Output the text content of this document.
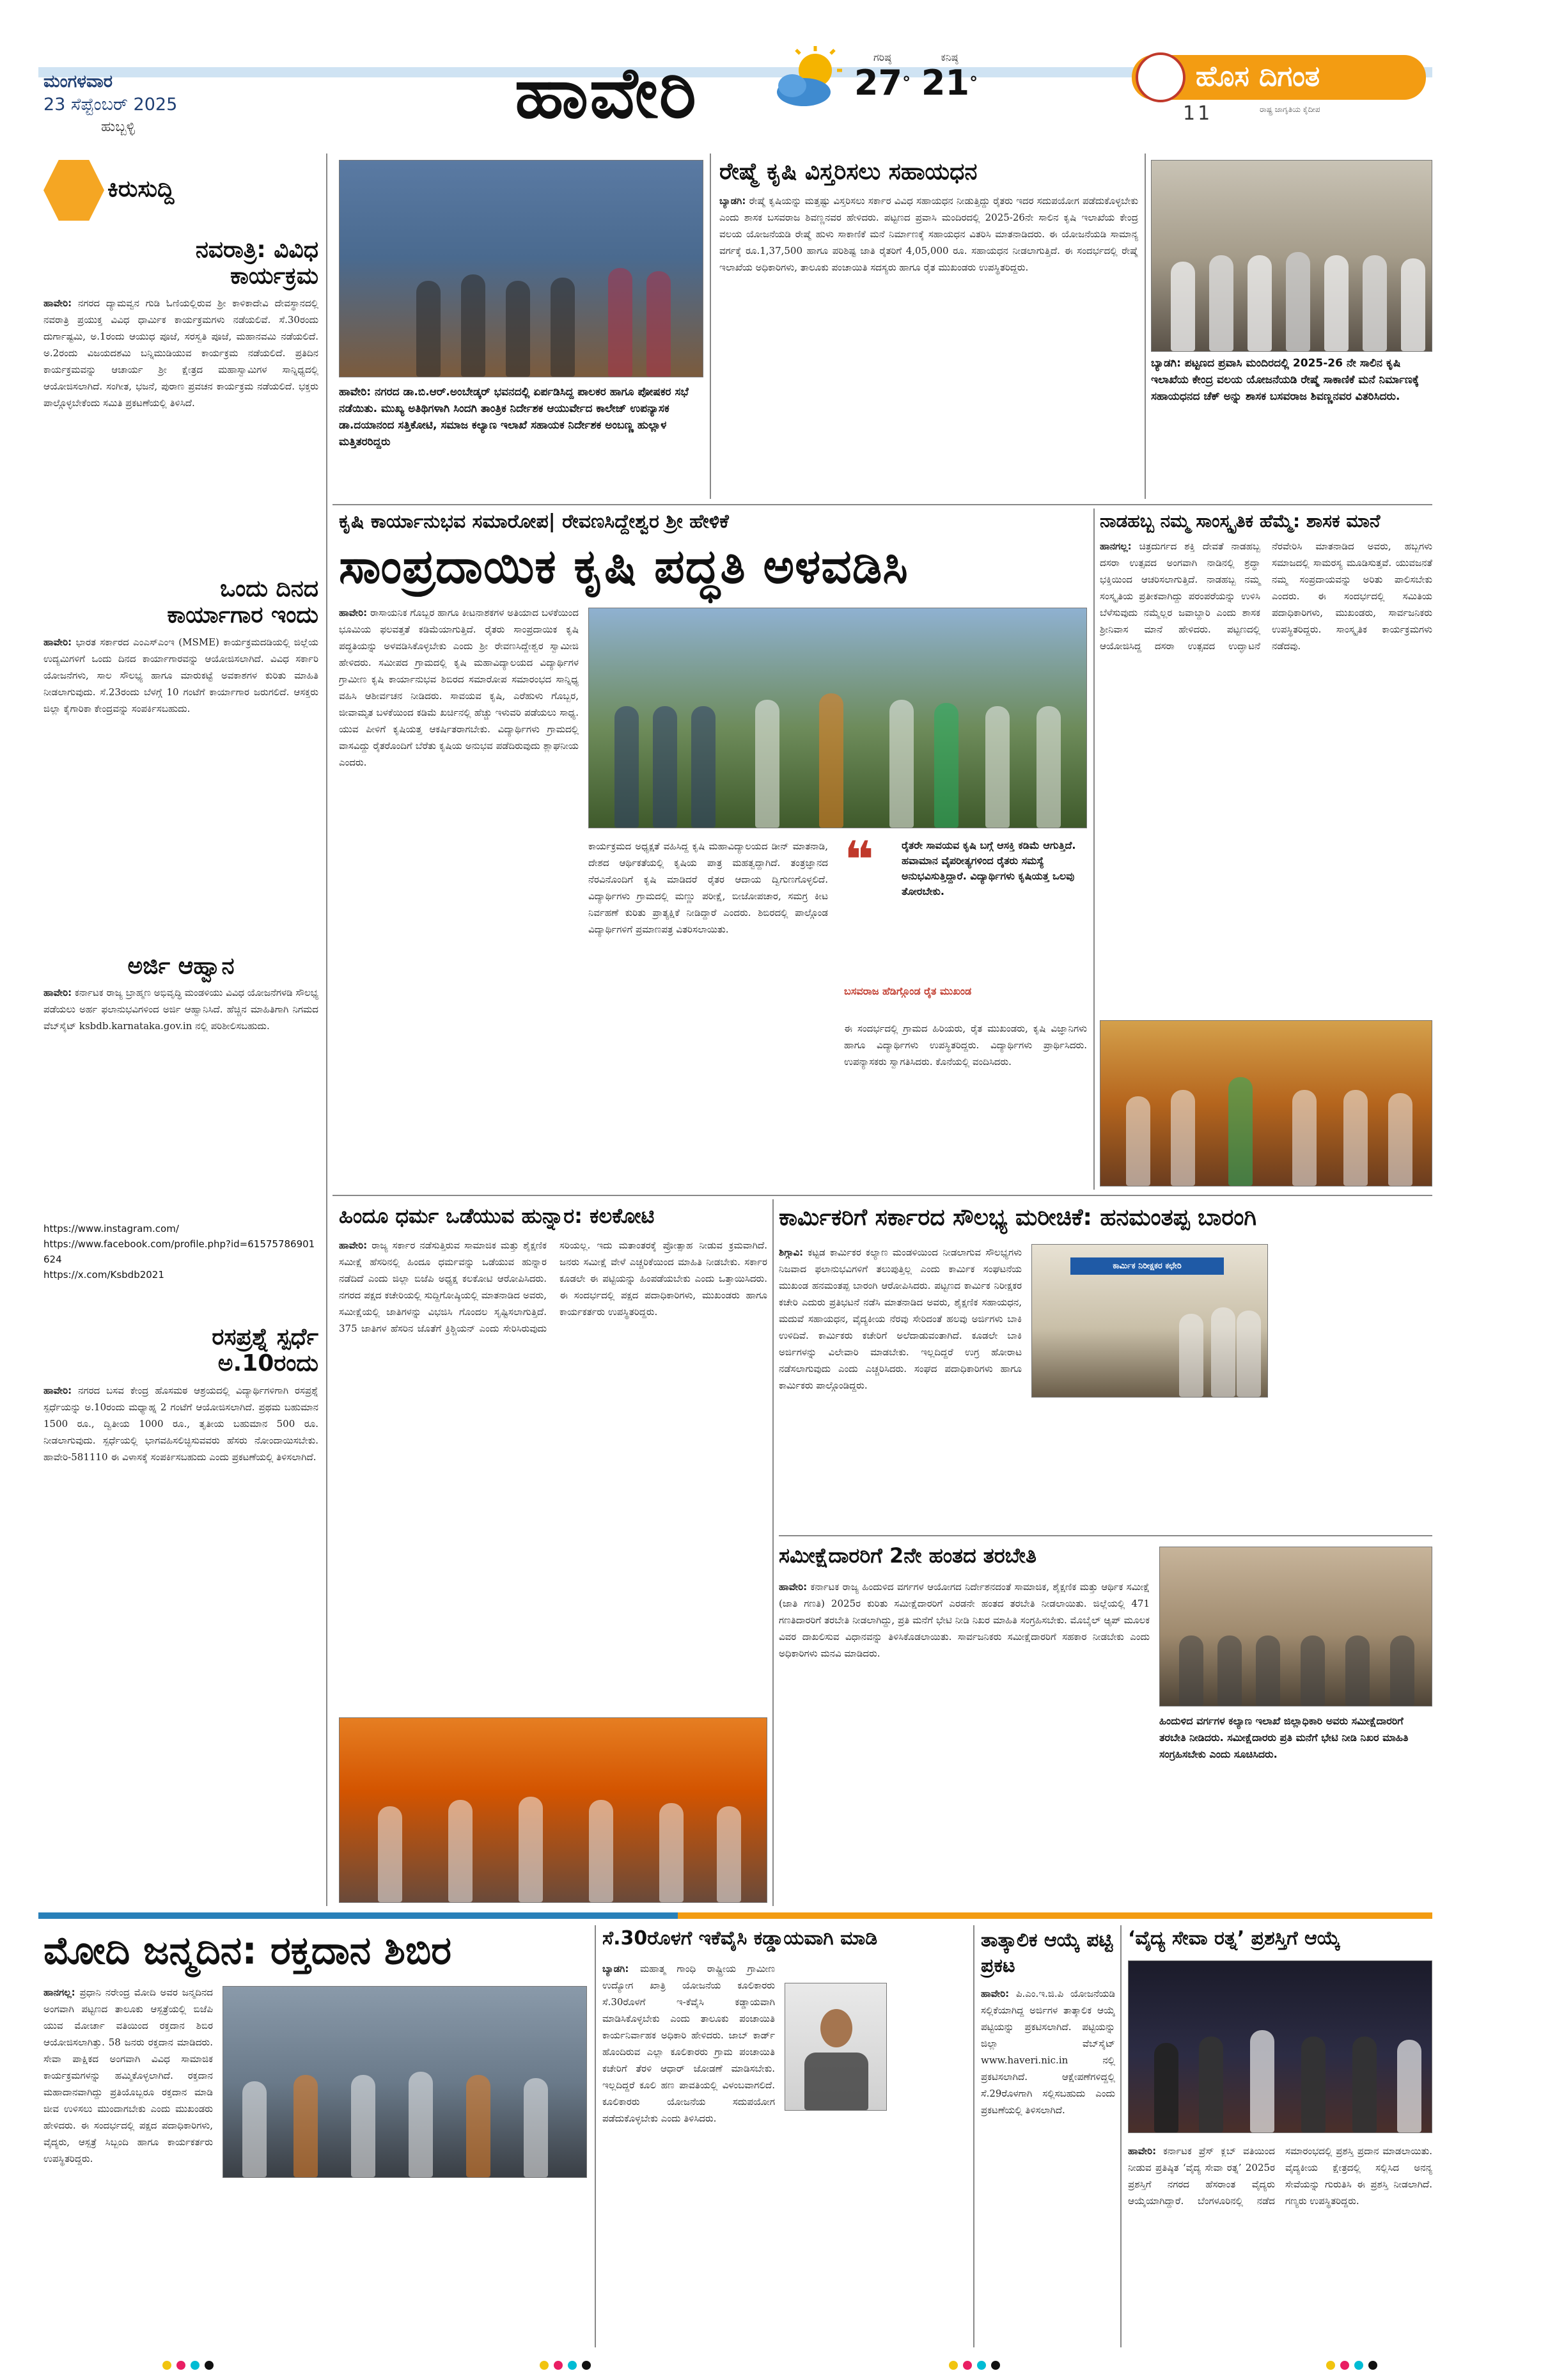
ಮಂಗಳವಾರ
23 ಸೆಪ್ಟೆಂಬರ್ 2025
ಹುಬ್ಬಳ್ಳಿ	ಹಾವೇರಿ	ಗರಿಷ್ಠ
27°
ಕನಿಷ್ಠ
21°	ಹೊಸ ದಿಗಂತ
11	ರಾಷ್ಟ್ರ ಜಾಗೃತಿಯ ಕೈದೀಪ
ಕಿರುಸುದ್ದಿ
ನವರಾತ್ರಿ: ವಿವಿಧ ಕಾರ್ಯಕ್ರಮ
ಹಾವೇರಿ: ನಗರದ ದ್ಯಾಮವ್ವನ ಗುಡಿ ಓಣಿಯಲ್ಲಿರುವ ಶ್ರೀ ಕಾಳಿಕಾದೇವಿ ದೇವಸ್ಥಾನದಲ್ಲಿ ನವರಾತ್ರಿ ಪ್ರಯುಕ್ತ ವಿವಿಧ ಧಾರ್ಮಿಕ ಕಾರ್ಯಕ್ರಮಗಳು ನಡೆಯಲಿವೆ. ಸೆ.30ರಂದು ದುರ್ಗಾಷ್ಟಮಿ, ಅ.1ರಂದು ಆಯುಧ ಪೂಜೆ, ಸರಸ್ವತಿ ಪೂಜೆ, ಮಹಾನವಮಿ ನಡೆಯಲಿದೆ. ಅ.2ರಂದು ವಿಜಯದಶಮಿ ಬನ್ನಿಮುಡಿಯುವ ಕಾರ್ಯಕ್ರಮ ನಡೆಯಲಿದೆ. ಪ್ರತಿದಿನ ಕಾರ್ಯಕ್ರಮವನ್ನು ಆಚಾರ್ಯ ಶ್ರೀ ಕ್ಷೇತ್ರದ ಮಹಾಸ್ವಾಮಿಗಳ ಸಾನ್ನಿಧ್ಯದಲ್ಲಿ ಆಯೋಜಿಸಲಾಗಿದೆ. ಸಂಗೀತ, ಭಜನೆ, ಪುರಾಣ ಪ್ರವಚನ ಕಾರ್ಯಕ್ರಮ ನಡೆಯಲಿದೆ. ಭಕ್ತರು ಪಾಲ್ಗೊಳ್ಳಬೇಕೆಂದು ಸಮಿತಿ ಪ್ರಕಟಣೆಯಲ್ಲಿ ತಿಳಿಸಿದೆ.
ಒಂದು ದಿನದ ಕಾರ್ಯಾಗಾರ ಇಂದು
ಹಾವೇರಿ: ಭಾರತ ಸರ್ಕಾರದ ಎಂಎಸ್‌ಎಂಇ (MSME) ಕಾರ್ಯಕ್ರಮದಡಿಯಲ್ಲಿ ಜಿಲ್ಲೆಯ ಉದ್ಯಮಿಗಳಿಗೆ ಒಂದು ದಿನದ ಕಾರ್ಯಾಗಾರವನ್ನು ಆಯೋಜಿಸಲಾಗಿದೆ. ವಿವಿಧ ಸರ್ಕಾರಿ ಯೋಜನೆಗಳು, ಸಾಲ ಸೌಲಭ್ಯ ಹಾಗೂ ಮಾರುಕಟ್ಟೆ ಅವಕಾಶಗಳ ಕುರಿತು ಮಾಹಿತಿ ನೀಡಲಾಗುವುದು. ಸೆ.23ರಂದು ಬೆಳಗ್ಗೆ 10 ಗಂಟೆಗೆ ಕಾರ್ಯಾಗಾರ ಜರುಗಲಿದೆ. ಆಸಕ್ತರು ಜಿಲ್ಲಾ ಕೈಗಾರಿಕಾ ಕೇಂದ್ರವನ್ನು ಸಂಪರ್ಕಿಸಬಹುದು.
ಅರ್ಜಿ ಆಹ್ವಾನ
ಹಾವೇರಿ: ಕರ್ನಾಟಕ ರಾಜ್ಯ ಬ್ರಾಹ್ಮಣ ಅಭಿವೃದ್ಧಿ ಮಂಡಳಿಯು ವಿವಿಧ ಯೋಜನೆಗಳಡಿ ಸೌಲಭ್ಯ ಪಡೆಯಲು ಅರ್ಹ ಫಲಾನುಭವಿಗಳಿಂದ ಅರ್ಜಿ ಆಹ್ವಾನಿಸಿದೆ. ಹೆಚ್ಚಿನ ಮಾಹಿತಿಗಾಗಿ ನಿಗಮದ ವೆಬ್‌ಸೈಟ್ ksbdb.karnataka.gov.in ನಲ್ಲಿ ಪರಿಶೀಲಿಸಬಹುದು.
https://www.instagram.com/
https://www.facebook.com/profile.php?id=61575786901624
https://x.com/Ksbdb2021
ರಸಪ್ರಶ್ನೆ ಸ್ಪರ್ಧೆ ಅ.10ರಂದು
ಹಾವೇರಿ: ನಗರದ ಬಸವ ಕೇಂದ್ರ ಹೊಸಮಠ ಆಶ್ರಯದಲ್ಲಿ ವಿದ್ಯಾರ್ಥಿಗಳಿಗಾಗಿ ರಸಪ್ರಶ್ನೆ ಸ್ಪರ್ಧೆಯನ್ನು ಅ.10ರಂದು ಮಧ್ಯಾಹ್ನ 2 ಗಂಟೆಗೆ ಆಯೋಜಿಸಲಾಗಿದೆ. ಪ್ರಥಮ ಬಹುಮಾನ 1500 ರೂ., ದ್ವಿತೀಯ 1000 ರೂ., ತೃತೀಯ ಬಹುಮಾನ 500 ರೂ. ನೀಡಲಾಗುವುದು. ಸ್ಪರ್ಧೆಯಲ್ಲಿ ಭಾಗವಹಿಸಲಿಚ್ಛಿಸುವವರು ಹೆಸರು ನೋಂದಾಯಿಸಬೇಕು. ಹಾವೇರಿ-581110 ಈ ವಿಳಾಸಕ್ಕೆ ಸಂಪರ್ಕಿಸಬಹುದು ಎಂದು ಪ್ರಕಟಣೆಯಲ್ಲಿ ತಿಳಿಸಲಾಗಿದೆ.
ಹಾವೇರಿ: ನಗರದ ಡಾ.ಬಿ.ಆರ್.ಅಂಬೇಡ್ಕರ್ ಭವನದಲ್ಲಿ ಏರ್ಪಡಿಸಿದ್ದ ಪಾಲಕರ ಹಾಗೂ ಪೋಷಕರ ಸಭೆ ನಡೆಯಿತು. ಮುಖ್ಯ ಅತಿಥಿಗಳಾಗಿ ಸಿಂದಗಿ ತಾಂತ್ರಿಕ ನಿರ್ದೇಶಕ ಆಯುರ್ವೇದ ಕಾಲೇಜ್ ಉಪನ್ಯಾಸಕ ಡಾ.ದಯಾನಂದ ಸತ್ತಿಕೋಟಿ, ಸಮಾಜ ಕಲ್ಯಾಣ ಇಲಾಖೆ ಸಹಾಯಕ ನಿರ್ದೇಶಕ ಅಂಬಣ್ಣ ಹುಲ್ಲಾಳ ಮತ್ತಿತರರಿದ್ದರು
ರೇಷ್ಮೆ ಕೃಷಿ ವಿಸ್ತರಿಸಲು ಸಹಾಯಧನ
ಬ್ಯಾಡಗಿ: ರೇಷ್ಮೆ ಕೃಷಿಯನ್ನು ಮತ್ತಷ್ಟು ವಿಸ್ತರಿಸಲು ಸರ್ಕಾರ ವಿವಿಧ ಸಹಾಯಧನ ನೀಡುತ್ತಿದ್ದು ರೈತರು ಇದರ ಸದುಪಯೋಗ ಪಡೆದುಕೊಳ್ಳಬೇಕು ಎಂದು ಶಾಸಕ ಬಸವರಾಜ ಶಿವಣ್ಣನವರ ಹೇಳಿದರು. ಪಟ್ಟಣದ ಪ್ರವಾಸಿ ಮಂದಿರದಲ್ಲಿ 2025-26ನೇ ಸಾಲಿನ ಕೃಷಿ ಇಲಾಖೆಯ ಕೇಂದ್ರ ವಲಯ ಯೋಜನೆಯಡಿ ರೇಷ್ಮೆ ಹುಳು ಸಾಕಾಣಿಕೆ ಮನೆ ನಿರ್ಮಾಣಕ್ಕೆ ಸಹಾಯಧನ ವಿತರಿಸಿ ಮಾತನಾಡಿದರು. ಈ ಯೋಜನೆಯಡಿ ಸಾಮಾನ್ಯ ವರ್ಗಕ್ಕೆ ರೂ.1,37,500 ಹಾಗೂ ಪರಿಶಿಷ್ಟ ಜಾತಿ ರೈತರಿಗೆ 4,05,000 ರೂ. ಸಹಾಯಧನ ನೀಡಲಾಗುತ್ತಿದೆ. ಈ ಸಂದರ್ಭದಲ್ಲಿ ರೇಷ್ಮೆ ಇಲಾಖೆಯ ಅಧಿಕಾರಿಗಳು, ತಾಲೂಕು ಪಂಚಾಯಿತಿ ಸದಸ್ಯರು ಹಾಗೂ ರೈತ ಮುಖಂಡರು ಉಪಸ್ಥಿತರಿದ್ದರು.
ಬ್ಯಾಡಗಿ: ಪಟ್ಟಣದ ಪ್ರವಾಸಿ ಮಂದಿರದಲ್ಲಿ 2025-26 ನೇ ಸಾಲಿನ ಕೃಷಿ ಇಲಾಖೆಯ ಕೇಂದ್ರ ವಲಯ ಯೋಜನೆಯಡಿ ರೇಷ್ಮೆ ಸಾಕಾಣಿಕೆ ಮನೆ ನಿರ್ಮಾಣಕ್ಕೆ ಸಹಾಯಧನದ ಚೆಕ್ ಅನ್ನು ಶಾಸಕ ಬಸವರಾಜ ಶಿವಣ್ಣನವರ ವಿತರಿಸಿದರು.
ಕೃಷಿ ಕಾರ್ಯಾನುಭವ ಸಮಾರೋಪ| ರೇವಣಸಿದ್ದೇಶ್ವರ ಶ್ರೀ ಹೇಳಿಕೆ
ಸಾಂಪ್ರದಾಯಿಕ ಕೃಷಿ ಪದ್ಧತಿ ಅಳವಡಿಸಿ
ಹಾವೇರಿ: ರಾಸಾಯನಿಕ ಗೊಬ್ಬರ ಹಾಗೂ ಕೀಟನಾಶಕಗಳ ಅತಿಯಾದ ಬಳಕೆಯಿಂದ ಭೂಮಿಯ ಫಲವತ್ತತೆ ಕಡಿಮೆಯಾಗುತ್ತಿದೆ. ರೈತರು ಸಾಂಪ್ರದಾಯಿಕ ಕೃಷಿ ಪದ್ಧತಿಯನ್ನು ಅಳವಡಿಸಿಕೊಳ್ಳಬೇಕು ಎಂದು ಶ್ರೀ ರೇವಣಸಿದ್ದೇಶ್ವರ ಸ್ವಾಮೀಜಿ ಹೇಳಿದರು. ಸಮೀಪದ ಗ್ರಾಮದಲ್ಲಿ ಕೃಷಿ ಮಹಾವಿದ್ಯಾಲಯದ ವಿದ್ಯಾರ್ಥಿಗಳ ಗ್ರಾಮೀಣ ಕೃಷಿ ಕಾರ್ಯಾನುಭವ ಶಿಬಿರದ ಸಮಾರೋಪ ಸಮಾರಂಭದ ಸಾನ್ನಿಧ್ಯ ವಹಿಸಿ ಆಶೀರ್ವಚನ ನೀಡಿದರು. ಸಾವಯವ ಕೃಷಿ, ಎರೆಹುಳು ಗೊಬ್ಬರ, ಜೀವಾಮೃತ ಬಳಕೆಯಿಂದ ಕಡಿಮೆ ಖರ್ಚಿನಲ್ಲಿ ಹೆಚ್ಚು ಇಳುವರಿ ಪಡೆಯಲು ಸಾಧ್ಯ. ಯುವ ಪೀಳಿಗೆ ಕೃಷಿಯತ್ತ ಆಕರ್ಷಿತರಾಗಬೇಕು. ವಿದ್ಯಾರ್ಥಿಗಳು ಗ್ರಾಮದಲ್ಲಿ ವಾಸವಿದ್ದು ರೈತರೊಂದಿಗೆ ಬೆರೆತು ಕೃಷಿಯ ಅನುಭವ ಪಡೆದಿರುವುದು ಶ್ಲಾಘನೀಯ ಎಂದರು.
ಕಾರ್ಯಕ್ರಮದ ಅಧ್ಯಕ್ಷತೆ ವಹಿಸಿದ್ದ ಕೃಷಿ ಮಹಾವಿದ್ಯಾಲಯದ ಡೀನ್ ಮಾತನಾಡಿ, ದೇಶದ ಆರ್ಥಿಕತೆಯಲ್ಲಿ ಕೃಷಿಯ ಪಾತ್ರ ಮಹತ್ವದ್ದಾಗಿದೆ. ತಂತ್ರಜ್ಞಾನದ ನೆರವಿನೊಂದಿಗೆ ಕೃಷಿ ಮಾಡಿದರೆ ರೈತರ ಆದಾಯ ದ್ವಿಗುಣಗೊಳ್ಳಲಿದೆ. ವಿದ್ಯಾರ್ಥಿಗಳು ಗ್ರಾಮದಲ್ಲಿ ಮಣ್ಣು ಪರೀಕ್ಷೆ, ಬೀಜೋಪಚಾರ, ಸಮಗ್ರ ಕೀಟ ನಿರ್ವಹಣೆ ಕುರಿತು ಪ್ರಾತ್ಯಕ್ಷಿಕೆ ನೀಡಿದ್ದಾರೆ ಎಂದರು. ಶಿಬಿರದಲ್ಲಿ ಪಾಲ್ಗೊಂಡ ವಿದ್ಯಾರ್ಥಿಗಳಿಗೆ ಪ್ರಮಾಣಪತ್ರ ವಿತರಿಸಲಾಯಿತು.
❝	ರೈತರೇ ಸಾವಯವ ಕೃಷಿ ಬಗ್ಗೆ ಆಸಕ್ತಿ ಕಡಿಮೆ ಆಗುತ್ತಿದೆ. ಹವಾಮಾನ ವೈಪರೀತ್ಯಗಳಿಂದ ರೈತರು ಸಮಸ್ಯೆ ಅನುಭವಿಸುತ್ತಿದ್ದಾರೆ. ವಿದ್ಯಾರ್ಥಿಗಳು ಕೃಷಿಯತ್ತ ಒಲವು ತೋರಬೇಕು.
ಬಸವರಾಜ ಹೆಡಿಗ್ಗೊಂಡ ರೈತ ಮುಖಂಡ
ಈ ಸಂದರ್ಭದಲ್ಲಿ ಗ್ರಾಮದ ಹಿರಿಯರು, ರೈತ ಮುಖಂಡರು, ಕೃಷಿ ವಿಜ್ಞಾನಿಗಳು ಹಾಗೂ ವಿದ್ಯಾರ್ಥಿಗಳು ಉಪಸ್ಥಿತರಿದ್ದರು. ವಿದ್ಯಾರ್ಥಿಗಳು ಪ್ರಾರ್ಥಿಸಿದರು. ಉಪನ್ಯಾಸಕರು ಸ್ವಾಗತಿಸಿದರು. ಕೊನೆಯಲ್ಲಿ ವಂದಿಸಿದರು.
ನಾಡಹಬ್ಬ ನಮ್ಮ ಸಾಂಸ್ಕೃತಿಕ ಹೆಮ್ಮೆ: ಶಾಸಕ ಮಾನೆ
ಹಾನಗಲ್ಲ: ಚಿತ್ರದುರ್ಗದ ಶಕ್ತಿ ದೇವತೆ ನಾಡಹಬ್ಬ ದಸರಾ ಉತ್ಸವದ ಅಂಗವಾಗಿ ನಾಡಿನಲ್ಲಿ ಶ್ರದ್ಧಾ ಭಕ್ತಿಯಿಂದ ಆಚರಿಸಲಾಗುತ್ತಿದೆ. ನಾಡಹಬ್ಬ ನಮ್ಮ ಸಂಸ್ಕೃತಿಯ ಪ್ರತೀಕವಾಗಿದ್ದು ಪರಂಪರೆಯನ್ನು ಉಳಿಸಿ ಬೆಳೆಸುವುದು ನಮ್ಮೆಲ್ಲರ ಜವಾಬ್ದಾರಿ ಎಂದು ಶಾಸಕ ಶ್ರೀನಿವಾಸ ಮಾನೆ ಹೇಳಿದರು. ಪಟ್ಟಣದಲ್ಲಿ ಆಯೋಜಿಸಿದ್ದ ದಸರಾ ಉತ್ಸವದ ಉದ್ಘಾಟನೆ ನೆರವೇರಿಸಿ ಮಾತನಾಡಿದ ಅವರು, ಹಬ್ಬಗಳು ಸಮಾಜದಲ್ಲಿ ಸಾಮರಸ್ಯ ಮೂಡಿಸುತ್ತವೆ. ಯುವಜನತೆ ನಮ್ಮ ಸಂಪ್ರದಾಯವನ್ನು ಅರಿತು ಪಾಲಿಸಬೇಕು ಎಂದರು. ಈ ಸಂದರ್ಭದಲ್ಲಿ ಸಮಿತಿಯ ಪದಾಧಿಕಾರಿಗಳು, ಮುಖಂಡರು, ಸಾರ್ವಜನಿಕರು ಉಪಸ್ಥಿತರಿದ್ದರು. ಸಾಂಸ್ಕೃತಿಕ ಕಾರ್ಯಕ್ರಮಗಳು ನಡೆದವು.
ಹಿಂದೂ ಧರ್ಮ ಒಡೆಯುವ ಹುನ್ನಾರ: ಕಲಕೋಟಿ
ಹಾವೇರಿ: ರಾಜ್ಯ ಸರ್ಕಾರ ನಡೆಸುತ್ತಿರುವ ಸಾಮಾಜಿಕ ಮತ್ತು ಶೈಕ್ಷಣಿಕ ಸಮೀಕ್ಷೆ ಹೆಸರಿನಲ್ಲಿ ಹಿಂದೂ ಧರ್ಮವನ್ನು ಒಡೆಯುವ ಹುನ್ನಾರ ನಡೆದಿದೆ ಎಂದು ಜಿಲ್ಲಾ ಬಿಜೆಪಿ ಅಧ್ಯಕ್ಷ ಕಲಕೋಟಿ ಆರೋಪಿಸಿದರು. ನಗರದ ಪಕ್ಷದ ಕಚೇರಿಯಲ್ಲಿ ಸುದ್ದಿಗೋಷ್ಠಿಯಲ್ಲಿ ಮಾತನಾಡಿದ ಅವರು, ಸಮೀಕ್ಷೆಯಲ್ಲಿ ಜಾತಿಗಳನ್ನು ವಿಭಜಿಸಿ ಗೊಂದಲ ಸೃಷ್ಟಿಸಲಾಗುತ್ತಿದೆ. 375 ಜಾತಿಗಳ ಹೆಸರಿನ ಜೊತೆಗೆ ಕ್ರಿಶ್ಚಿಯನ್ ಎಂದು ಸೇರಿಸಿರುವುದು ಸರಿಯಲ್ಲ. ಇದು ಮತಾಂತರಕ್ಕೆ ಪ್ರೋತ್ಸಾಹ ನೀಡುವ ಕ್ರಮವಾಗಿದೆ. ಜನರು ಸಮೀಕ್ಷೆ ವೇಳೆ ಎಚ್ಚರಿಕೆಯಿಂದ ಮಾಹಿತಿ ನೀಡಬೇಕು. ಸರ್ಕಾರ ಕೂಡಲೇ ಈ ಪಟ್ಟಿಯನ್ನು ಹಿಂಪಡೆಯಬೇಕು ಎಂದು ಒತ್ತಾಯಿಸಿದರು. ಈ ಸಂದರ್ಭದಲ್ಲಿ ಪಕ್ಷದ ಪದಾಧಿಕಾರಿಗಳು, ಮುಖಂಡರು ಹಾಗೂ ಕಾರ್ಯಕರ್ತರು ಉಪಸ್ಥಿತರಿದ್ದರು.
ಕಾರ್ಮಿಕರಿಗೆ ಸರ್ಕಾರದ ಸೌಲಭ್ಯ ಮರೀಚಿಕೆ: ಹನಮಂತಪ್ಪ ಬಾರಂಗಿ
ಶಿಗ್ಗಾವಿ: ಕಟ್ಟಡ ಕಾರ್ಮಿಕರ ಕಲ್ಯಾಣ ಮಂಡಳಿಯಿಂದ ನೀಡಲಾಗುವ ಸೌಲಭ್ಯಗಳು ನಿಜವಾದ ಫಲಾನುಭವಿಗಳಿಗೆ ತಲುಪುತ್ತಿಲ್ಲ ಎಂದು ಕಾರ್ಮಿಕ ಸಂಘಟನೆಯ ಮುಖಂಡ ಹನಮಂತಪ್ಪ ಬಾರಂಗಿ ಆರೋಪಿಸಿದರು. ಪಟ್ಟಣದ ಕಾರ್ಮಿಕ ನಿರೀಕ್ಷಕರ ಕಚೇರಿ ಎದುರು ಪ್ರತಿಭಟನೆ ನಡೆಸಿ ಮಾತನಾಡಿದ ಅವರು, ಶೈಕ್ಷಣಿಕ ಸಹಾಯಧನ, ಮದುವೆ ಸಹಾಯಧನ, ವೈದ್ಯಕೀಯ ನೆರವು ಸೇರಿದಂತೆ ಹಲವು ಅರ್ಜಿಗಳು ಬಾಕಿ ಉಳಿದಿವೆ. ಕಾರ್ಮಿಕರು ಕಚೇರಿಗೆ ಅಲೆದಾಡುವಂತಾಗಿದೆ. ಕೂಡಲೇ ಬಾಕಿ ಅರ್ಜಿಗಳನ್ನು ವಿಲೇವಾರಿ ಮಾಡಬೇಕು. ಇಲ್ಲದಿದ್ದರೆ ಉಗ್ರ ಹೋರಾಟ ನಡೆಸಲಾಗುವುದು ಎಂದು ಎಚ್ಚರಿಸಿದರು. ಸಂಘದ ಪದಾಧಿಕಾರಿಗಳು ಹಾಗೂ ಕಾರ್ಮಿಕರು ಪಾಲ್ಗೊಂಡಿದ್ದರು.
ಕಾರ್ಮಿಕ ನಿರೀಕ್ಷಕರ ಕಛೇರಿ
ಸಮೀಕ್ಷೆದಾರರಿಗೆ 2ನೇ ಹಂತದ ತರಬೇತಿ
ಹಾವೇರಿ: ಕರ್ನಾಟಕ ರಾಜ್ಯ ಹಿಂದುಳಿದ ವರ್ಗಗಳ ಆಯೋಗದ ನಿರ್ದೇಶನದಂತೆ ಸಾಮಾಜಿಕ, ಶೈಕ್ಷಣಿಕ ಮತ್ತು ಆರ್ಥಿಕ ಸಮೀಕ್ಷೆ (ಜಾತಿ ಗಣತಿ) 2025ರ ಕುರಿತು ಸಮೀಕ್ಷೆದಾರರಿಗೆ ಎರಡನೇ ಹಂತದ ತರಬೇತಿ ನೀಡಲಾಯಿತು. ಜಿಲ್ಲೆಯಲ್ಲಿ 471 ಗಣತಿದಾರರಿಗೆ ತರಬೇತಿ ನೀಡಲಾಗಿದ್ದು, ಪ್ರತಿ ಮನೆಗೆ ಭೇಟಿ ನೀಡಿ ನಿಖರ ಮಾಹಿತಿ ಸಂಗ್ರಹಿಸಬೇಕು. ಮೊಬೈಲ್ ಆ್ಯಪ್ ಮೂಲಕ ವಿವರ ದಾಖಲಿಸುವ ವಿಧಾನವನ್ನು ತಿಳಿಸಿಕೊಡಲಾಯಿತು. ಸಾರ್ವಜನಿಕರು ಸಮೀಕ್ಷೆದಾರರಿಗೆ ಸಹಕಾರ ನೀಡಬೇಕು ಎಂದು ಅಧಿಕಾರಿಗಳು ಮನವಿ ಮಾಡಿದರು.
ಹಿಂದುಳಿದ ವರ್ಗಗಳ ಕಲ್ಯಾಣ ಇಲಾಖೆ ಜಿಲ್ಲಾಧಿಕಾರಿ ಅವರು ಸಮೀಕ್ಷೆದಾರರಿಗೆ ತರಬೇತಿ ನೀಡಿದರು. ಸಮೀಕ್ಷೆದಾರರು ಪ್ರತಿ ಮನೆಗೆ ಭೇಟಿ ನೀಡಿ ನಿಖರ ಮಾಹಿತಿ ಸಂಗ್ರಹಿಸಬೇಕು ಎಂದು ಸೂಚಿಸಿದರು.
ಮೋದಿ ಜನ್ಮದಿನ: ರಕ್ತದಾನ ಶಿಬಿರ
ಹಾನಗಲ್ಲ: ಪ್ರಧಾನಿ ನರೇಂದ್ರ ಮೋದಿ ಅವರ ಜನ್ಮದಿನದ ಅಂಗವಾಗಿ ಪಟ್ಟಣದ ತಾಲೂಕು ಆಸ್ಪತ್ರೆಯಲ್ಲಿ ಬಿಜೆಪಿ ಯುವ ಮೋರ್ಚಾ ವತಿಯಿಂದ ರಕ್ತದಾನ ಶಿಬಿರ ಆಯೋಜಿಸಲಾಗಿತ್ತು. 58 ಜನರು ರಕ್ತದಾನ ಮಾಡಿದರು. ಸೇವಾ ಪಾಕ್ಷಿಕದ ಅಂಗವಾಗಿ ವಿವಿಧ ಸಾಮಾಜಿಕ ಕಾರ್ಯಕ್ರಮಗಳನ್ನು ಹಮ್ಮಿಕೊಳ್ಳಲಾಗಿದೆ. ರಕ್ತದಾನ ಮಹಾದಾನವಾಗಿದ್ದು ಪ್ರತಿಯೊಬ್ಬರೂ ರಕ್ತದಾನ ಮಾಡಿ ಜೀವ ಉಳಿಸಲು ಮುಂದಾಗಬೇಕು ಎಂದು ಮುಖಂಡರು ಹೇಳಿದರು. ಈ ಸಂದರ್ಭದಲ್ಲಿ ಪಕ್ಷದ ಪದಾಧಿಕಾರಿಗಳು, ವೈದ್ಯರು, ಆಸ್ಪತ್ರೆ ಸಿಬ್ಬಂದಿ ಹಾಗೂ ಕಾರ್ಯಕರ್ತರು ಉಪಸ್ಥಿತರಿದ್ದರು.
ಸೆ.30ರೊಳಗೆ ಇಕೆವೈಸಿ ಕಡ್ಡಾಯವಾಗಿ ಮಾಡಿ
ಬ್ಯಾಡಗಿ: ಮಹಾತ್ಮ ಗಾಂಧಿ ರಾಷ್ಟ್ರೀಯ ಗ್ರಾಮೀಣ ಉದ್ಯೋಗ ಖಾತ್ರಿ ಯೋಜನೆಯ ಕೂಲಿಕಾರರು ಸೆ.30ರೊಳಗೆ ಇ-ಕೆವೈಸಿ ಕಡ್ಡಾಯವಾಗಿ ಮಾಡಿಸಿಕೊಳ್ಳಬೇಕು ಎಂದು ತಾಲೂಕು ಪಂಚಾಯಿತಿ ಕಾರ್ಯನಿರ್ವಾಹಕ ಅಧಿಕಾರಿ ಹೇಳಿದರು. ಜಾಬ್ ಕಾರ್ಡ್ ಹೊಂದಿರುವ ಎಲ್ಲಾ ಕೂಲಿಕಾರರು ಗ್ರಾಮ ಪಂಚಾಯಿತಿ ಕಚೇರಿಗೆ ತೆರಳಿ ಆಧಾರ್ ಜೋಡಣೆ ಮಾಡಿಸಬೇಕು. ಇಲ್ಲದಿದ್ದರೆ ಕೂಲಿ ಹಣ ಪಾವತಿಯಲ್ಲಿ ವಿಳಂಬವಾಗಲಿದೆ. ಕೂಲಿಕಾರರು ಯೋಜನೆಯ ಸದುಪಯೋಗ ಪಡೆದುಕೊಳ್ಳಬೇಕು ಎಂದು ತಿಳಿಸಿದರು.
ತಾತ್ಕಾಲಿಕ ಆಯ್ಕೆ ಪಟ್ಟಿ ಪ್ರಕಟ
ಹಾವೇರಿ: ಪಿ.ಎಂ.ಇ.ಜಿ.ಪಿ ಯೋಜನೆಯಡಿ ಸಲ್ಲಿಕೆಯಾಗಿದ್ದ ಅರ್ಜಿಗಳ ತಾತ್ಕಾಲಿಕ ಆಯ್ಕೆ ಪಟ್ಟಿಯನ್ನು ಪ್ರಕಟಿಸಲಾಗಿದೆ. ಪಟ್ಟಿಯನ್ನು ಜಿಲ್ಲಾ ವೆಬ್‌ಸೈಟ್ www.haveri.nic.in ನಲ್ಲಿ ಪ್ರಕಟಿಸಲಾಗಿದೆ. ಆಕ್ಷೇಪಣೆಗಳಿದ್ದಲ್ಲಿ ಸೆ.29ರೊಳಗಾಗಿ ಸಲ್ಲಿಸಬಹುದು ಎಂದು ಪ್ರಕಟಣೆಯಲ್ಲಿ ತಿಳಿಸಲಾಗಿದೆ.
‘ವೈದ್ಯ ಸೇವಾ ರತ್ನ’ ಪ್ರಶಸ್ತಿಗೆ ಆಯ್ಕೆ
ಹಾವೇರಿ: ಕರ್ನಾಟಕ ಪ್ರೆಸ್ ಕ್ಲಬ್ ವತಿಯಿಂದ ನೀಡುವ ಪ್ರತಿಷ್ಠಿತ ‘ವೈದ್ಯ ಸೇವಾ ರತ್ನ’ 2025ರ ಪ್ರಶಸ್ತಿಗೆ ನಗರದ ಹೆಸರಾಂತ ವೈದ್ಯರು ಆಯ್ಕೆಯಾಗಿದ್ದಾರೆ. ಬೆಂಗಳೂರಿನಲ್ಲಿ ನಡೆದ ಸಮಾರಂಭದಲ್ಲಿ ಪ್ರಶಸ್ತಿ ಪ್ರದಾನ ಮಾಡಲಾಯಿತು. ವೈದ್ಯಕೀಯ ಕ್ಷೇತ್ರದಲ್ಲಿ ಸಲ್ಲಿಸಿದ ಅನನ್ಯ ಸೇವೆಯನ್ನು ಗುರುತಿಸಿ ಈ ಪ್ರಶಸ್ತಿ ನೀಡಲಾಗಿದೆ. ಗಣ್ಯರು ಉಪಸ್ಥಿತರಿದ್ದರು.
